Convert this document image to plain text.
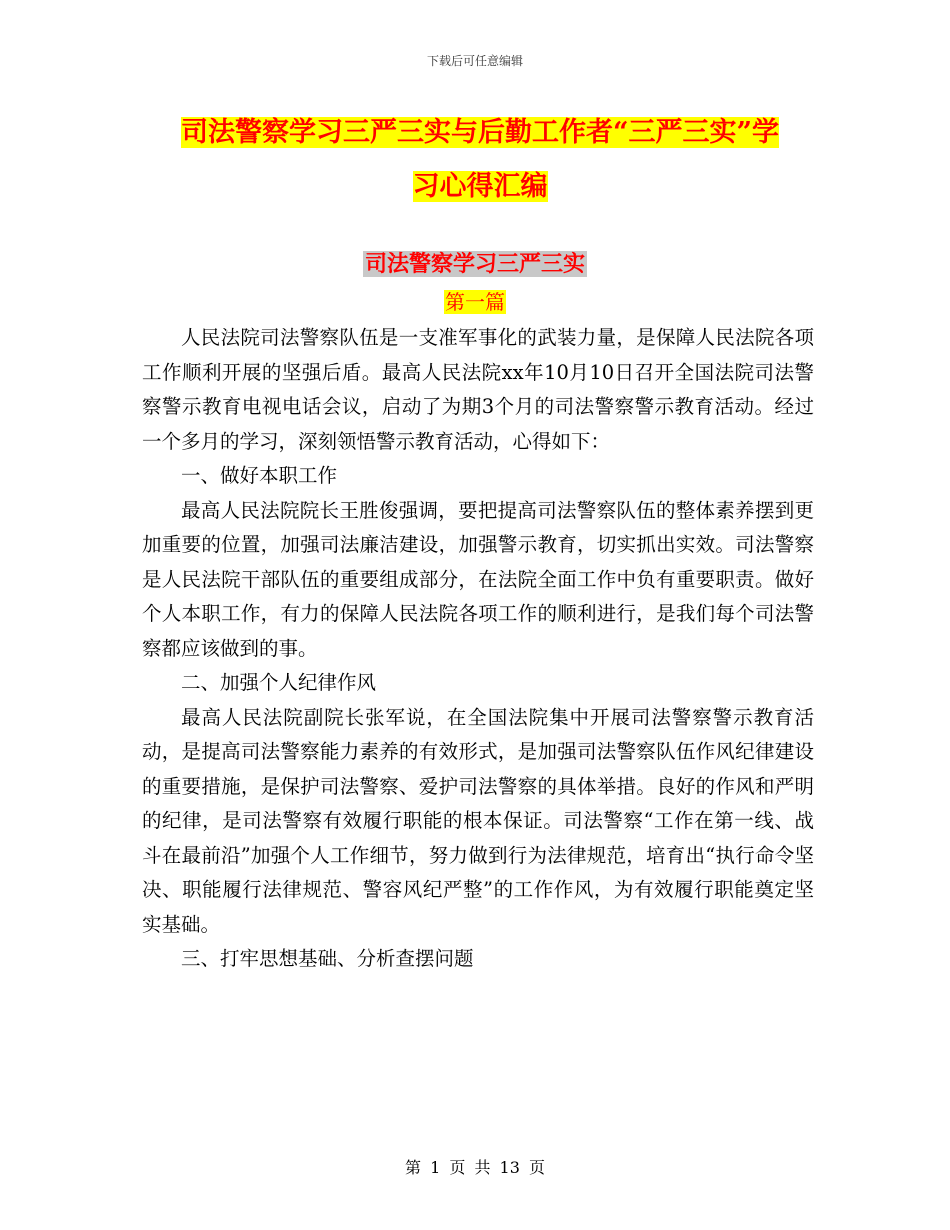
下载后可任意编辑
司法警察学习三严三实与后勤工作者“三严三实”学
习心得汇编
司法警察学习三严三实
第一篇

人民法院司法警察队伍是一支准军事化的武装力量，是保障人民法院各项工作顺利开展的坚强后盾。最高人民法院xx年10月10日召开全国法院司法警察警示教育电视电话会议，启动了为期3个月的司法警察警示教育活动。经过一个多月的学习，深刻领悟警示教育活动，心得如下：

一、做好本职工作

最高人民法院院长王胜俊强调，要把提高司法警察队伍的整体素养摆到更加重要的位置，加强司法廉洁建设，加强警示教育，切实抓出实效。司法警察是人民法院干部队伍的重要组成部分，在法院全面工作中负有重要职责。做好个人本职工作，有力的保障人民法院各项工作的顺利进行，是我们每个司法警察都应该做到的事。

二、加强个人纪律作风

最高人民法院副院长张军说，在全国法院集中开展司法警察警示教育活动，是提高司法警察能力素养的有效形式，是加强司法警察队伍作风纪律建设的重要措施，是保护司法警察、爱护司法警察的具体举措。良好的作风和严明的纪律，是司法警察有效履行职能的根本保证。司法警察“工作在第一线、战斗在最前沿”加强个人工作细节，努力做到行为法律规范，培育出“执行命令坚决、职能履行法律规范、警容风纪严整”的工作作风，为有效履行职能奠定坚实基础。

三、打牢思想基础、分析查摆问题

第 1 页 共 13 页
